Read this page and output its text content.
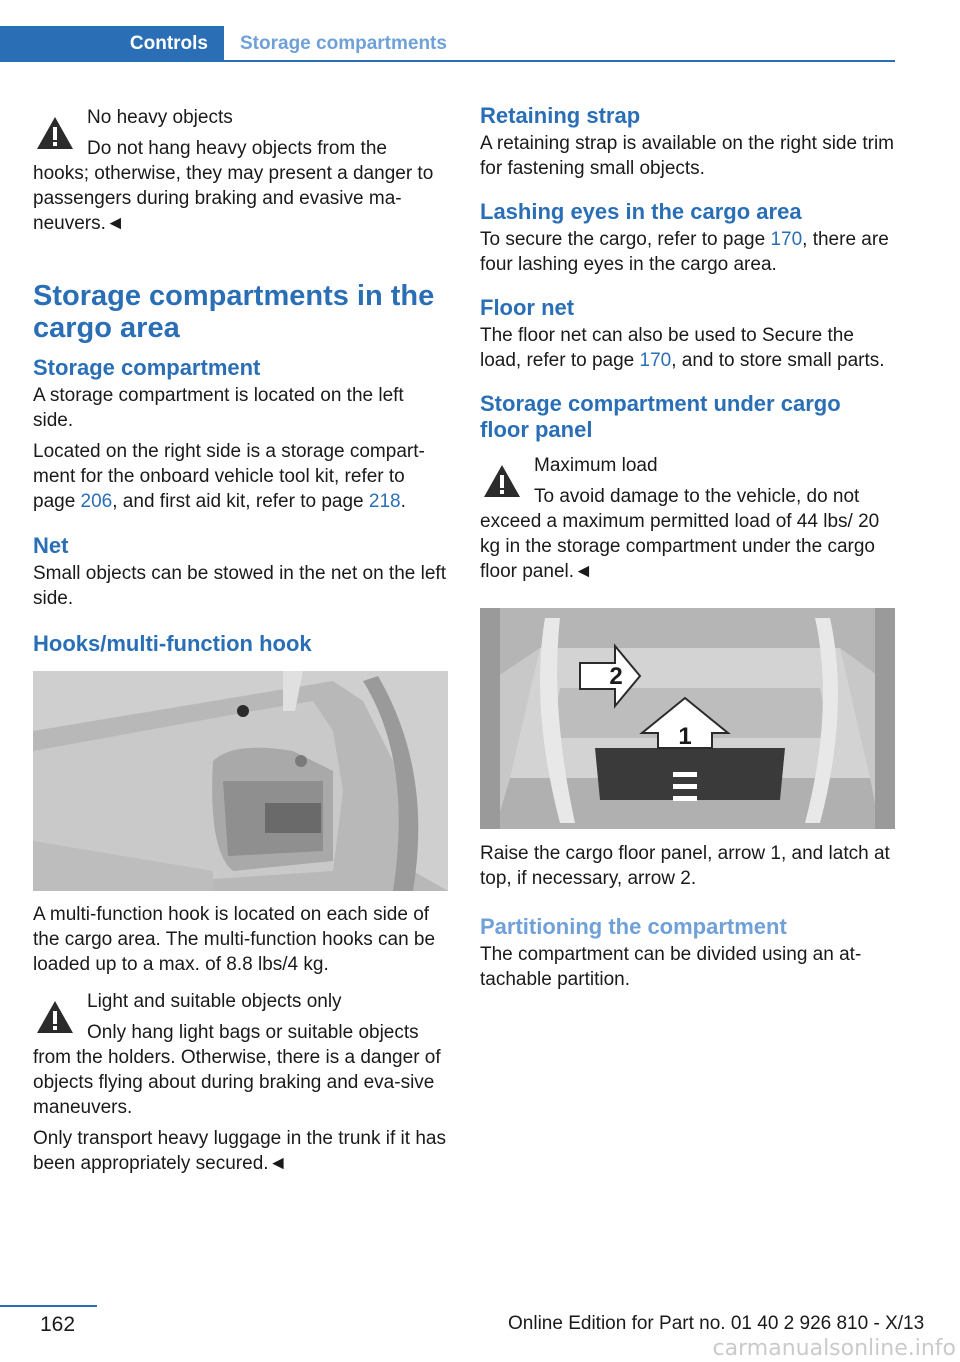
Controls Storage compartments

No heavy objects

Do not hang heavy objects from the hooks; otherwise, they may present a danger to passengers during braking and evasive ma-neuvers.◄

Storage compartments in the cargo area
Storage compartment

A storage compartment is located on the left side.

Located on the right side is a storage compart-ment for the onboard vehicle tool kit, refer to page 206, and first aid kit, refer to page 218.

Net

Small objects can be stowed in the net on the left side.

Hooks/multi-function hook

A multi-function hook is located on each side of the cargo area. The multi-function hooks can be loaded up to a max. of 8.8 lbs/4 kg.

Light and suitable objects only

Only hang light bags or suitable objects from the holders. Otherwise, there is a danger of objects flying about during braking and eva-sive maneuvers.

Only transport heavy luggage in the trunk if it has been appropriately secured.◄

Retaining strap

A retaining strap is available on the right side trim for fastening small objects.

Lashing eyes in the cargo area

To secure the cargo, refer to page 170, there are four lashing eyes in the cargo area.

Floor net

The floor net can also be used to Secure the load, refer to page 170, and to store small parts.

Storage compartment under cargo floor panel

Maximum load

To avoid damage to the vehicle, do not exceed a maximum permitted load of 44 lbs/ 20 kg in the storage compartment under the cargo floor panel.◄

2
1

Raise the cargo floor panel, arrow 1, and latch at top, if necessary, arrow 2.

Partitioning the compartment

The compartment can be divided using an at-tachable partition.

162	Online Edition for Part no. 01 40 2 926 810 - X/13
carmanualsonline.info
